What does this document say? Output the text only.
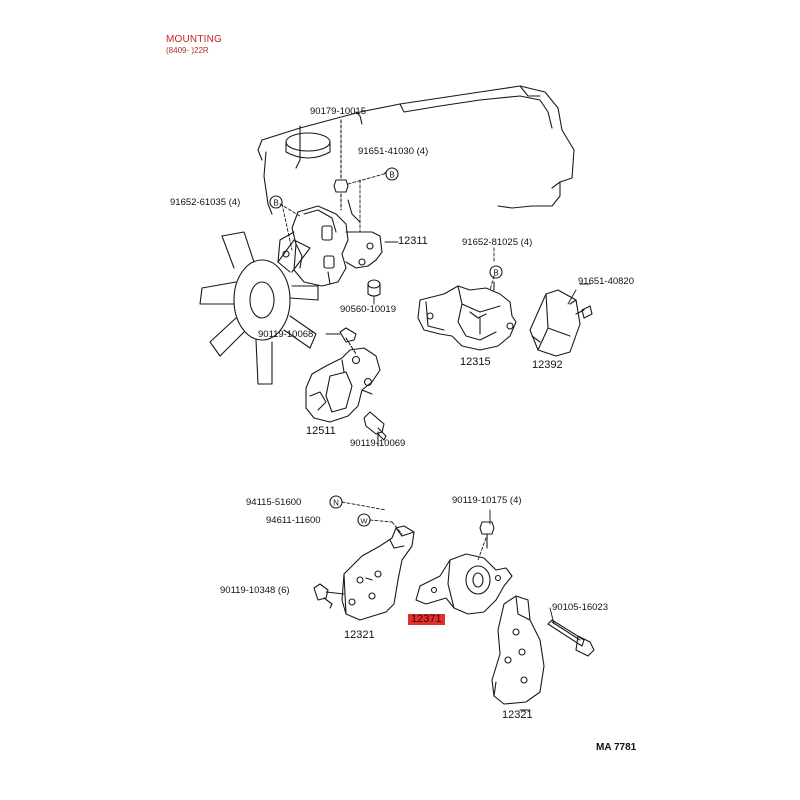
B
B
B
N
W
MOUNTING
(8409- )22R
90179-10015
91651-41030 (4)
91652-61035 (4)
12311	91652-81025 (4)
91651-40820
90560-10019
90119-10068
12315	12392
12511
90119-10069
94115-51600	90119-10175 (4)
94611-11600
90119-10348 (6)
90105-16023
12371
12321
12321
MA 7781
